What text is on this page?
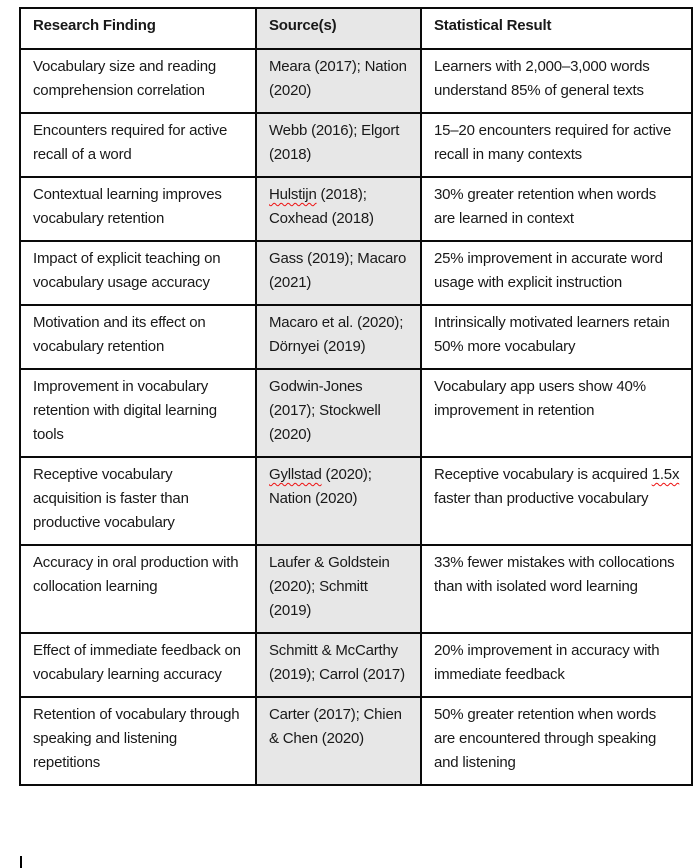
Research Finding	Source(s)	Statistical Result
Vocabulary size and reading comprehension correlation	Meara (2017); Nation (2020)	Learners with 2,000–3,000 words understand 85% of general texts
Encounters required for active recall of a word	Webb (2016); Elgort (2018)	15–20 encounters required for active recall in many contexts
Contextual learning improves vocabulary retention	Hulstijn (2018); Coxhead (2018)	30% greater retention when words are learned in context
Impact of explicit teaching on vocabulary usage accuracy	Gass (2019); Macaro (2021)	25% improvement in accurate word usage with explicit instruction
Motivation and its effect on vocabulary retention	Macaro et al. (2020); Dörnyei (2019)	Intrinsically motivated learners retain 50% more vocabulary
Improvement in vocabulary retention with digital learning tools	Godwin-Jones (2017); Stockwell (2020)	Vocabulary app users show 40% improvement in retention
Receptive vocabulary acquisition is faster than productive vocabulary	Gyllstad (2020); Nation (2020)	Receptive vocabulary is acquired 1.5x faster than productive vocabulary
Accuracy in oral production with collocation learning	Laufer & Goldstein (2020); Schmitt (2019)	33% fewer mistakes with collocations than with isolated word learning
Effect of immediate feedback on vocabulary learning accuracy	Schmitt & McCarthy (2019); Carrol (2017)	20% improvement in accuracy with immediate feedback
Retention of vocabulary through speaking and listening repetitions	Carter (2017); Chien & Chen (2020)	50% greater retention when words are encountered through speaking and listening
